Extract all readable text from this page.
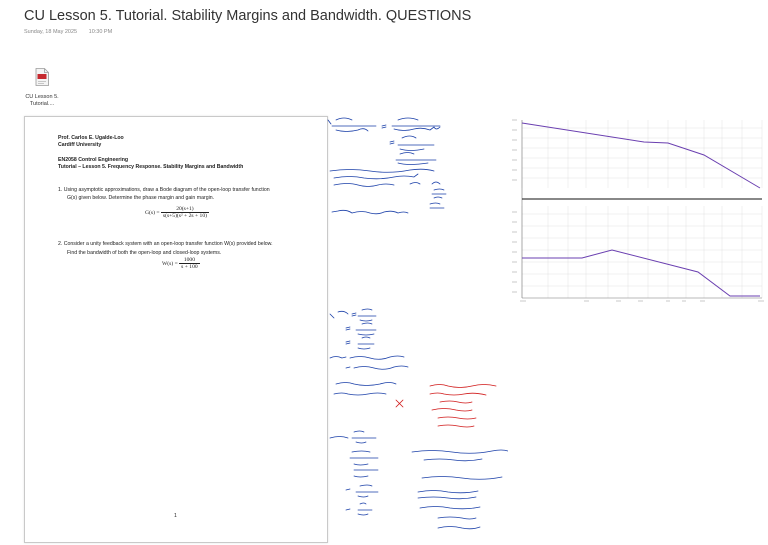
CU Lesson 5. Tutorial. Stability Margins and Bandwidth. QUESTIONS
Sunday, 18 May 2025 10:30 PM
CU Lesson 5.
Tutorial....
Prof. Carlos E. Ugalde-Loo
Cardiff University
EN2058 Control Engineering
Tutorial – Lesson 5. Frequency Response. Stability Margins and Bandwidth
1. Using asymptotic approximations, draw a Bode diagram of the open-loop transfer function
G(s) given below. Determine the phase margin and gain margin.
$G(s) = \frac{20(s+1)}{\text{s(s+5)(s² + 2s + 10)}}$
2. Consider a unity feedback system with an open-loop transfer function W(s) provided below.
Find the bandwidth of both the open-loop and closed-loop systems.
$W(s) = \frac{1000}{s + 100}$
1
